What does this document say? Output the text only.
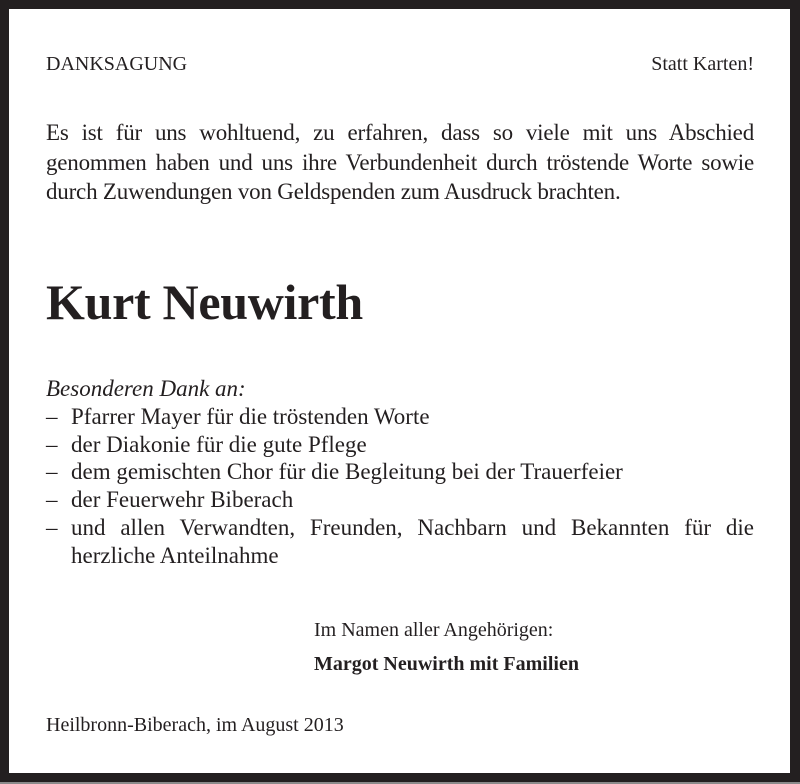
DANKSAGUNG	Statt Karten!
Es ist für uns wohltuend, zu erfahren, dass so viele mit uns Abschied genommen haben und uns ihre Verbundenheit durch tröstende Worte sowie durch Zuwendungen von Geldspenden zum Ausdruck brachten.
Kurt Neuwirth
Besonderen Dank an:
– Pfarrer Mayer für die tröstenden Worte
– der Diakonie für die gute Pflege
– dem gemischten Chor für die Begleitung bei der Trauerfeier
– der Feuerwehr Biberach
– und allen Verwandten, Freunden, Nachbarn und Bekannten für die herzliche Anteilnahme
Im Namen aller Angehörigen:
Margot Neuwirth mit Familien
Heilbronn-Biberach, im August 2013
